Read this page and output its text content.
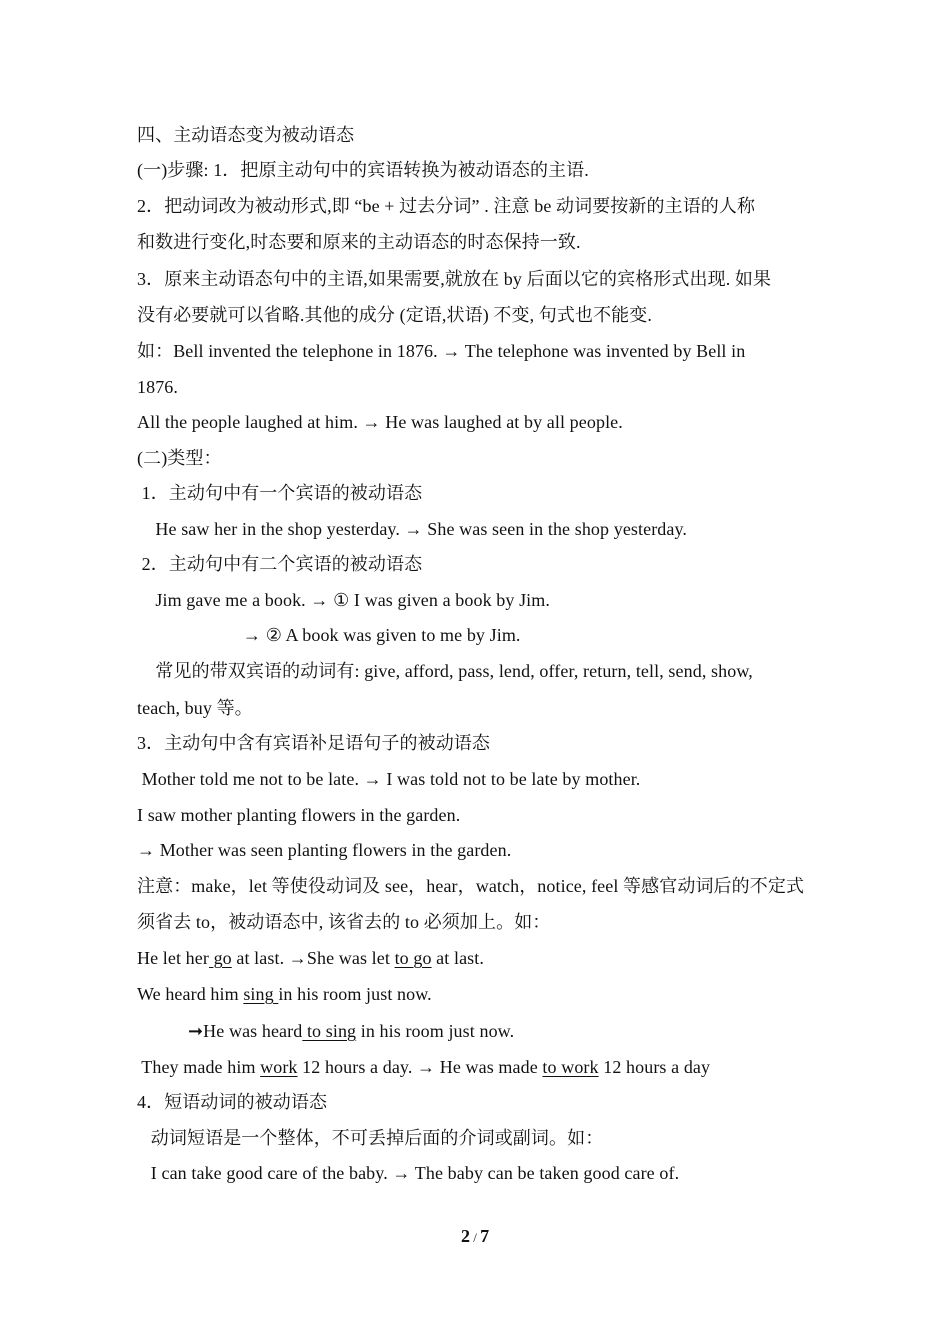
四、主动语态变为被动语态
(一)步骤: 1．把原主动句中的宾语转换为被动语态的主语.
2．把动词改为被动形式,即 “be + 过去分词” . 注意 be 动词要按新的主语的人称
和数进行变化,时态要和原来的主动语态的时态保持一致.
3．原来主动语态句中的主语,如果需要,就放在 by 后面以它的宾格形式出现. 如果
没有必要就可以省略.其他的成分 (定语,状语) 不变, 句式也不能变.
如：Bell invented the telephone in 1876. → The telephone was invented by Bell in
1876.
All the people laughed at him. → He was laughed at by all people.
(二)类型：
1．主动句中有一个宾语的被动语态
He saw her in the shop yesterday. → She was seen in the shop yesterday.
2．主动句中有二个宾语的被动语态
Jim gave me a book. → ① I was given a book by Jim.
→ ② A book was given to me by Jim.
常见的带双宾语的动词有: give, afford, pass, lend, offer, return, tell, send, show,
teach, buy 等。
3．主动句中含有宾语补足语句子的被动语态
Mother told me not to be late. → I was told not to be late by mother.
I saw mother planting flowers in the garden.
→ Mother was seen planting flowers in the garden.
注意：make，let 等使役动词及 see，hear，watch，notice, feel 等感官动词后的不定式
须省去 to，被动语态中, 该省去的 to 必须加上。如：
He let her go at last. →She was let to go at last.
We heard him sing in his room just now.
➞He was heard to sing in his room just now.
They made him work 12 hours a day. → He was made to work 12 hours a day
4．短语动词的被动语态
动词短语是一个整体，不可丢掉后面的介词或副词。如：
I can take good care of the baby. → The baby can be taken good care of.
2 / 7
